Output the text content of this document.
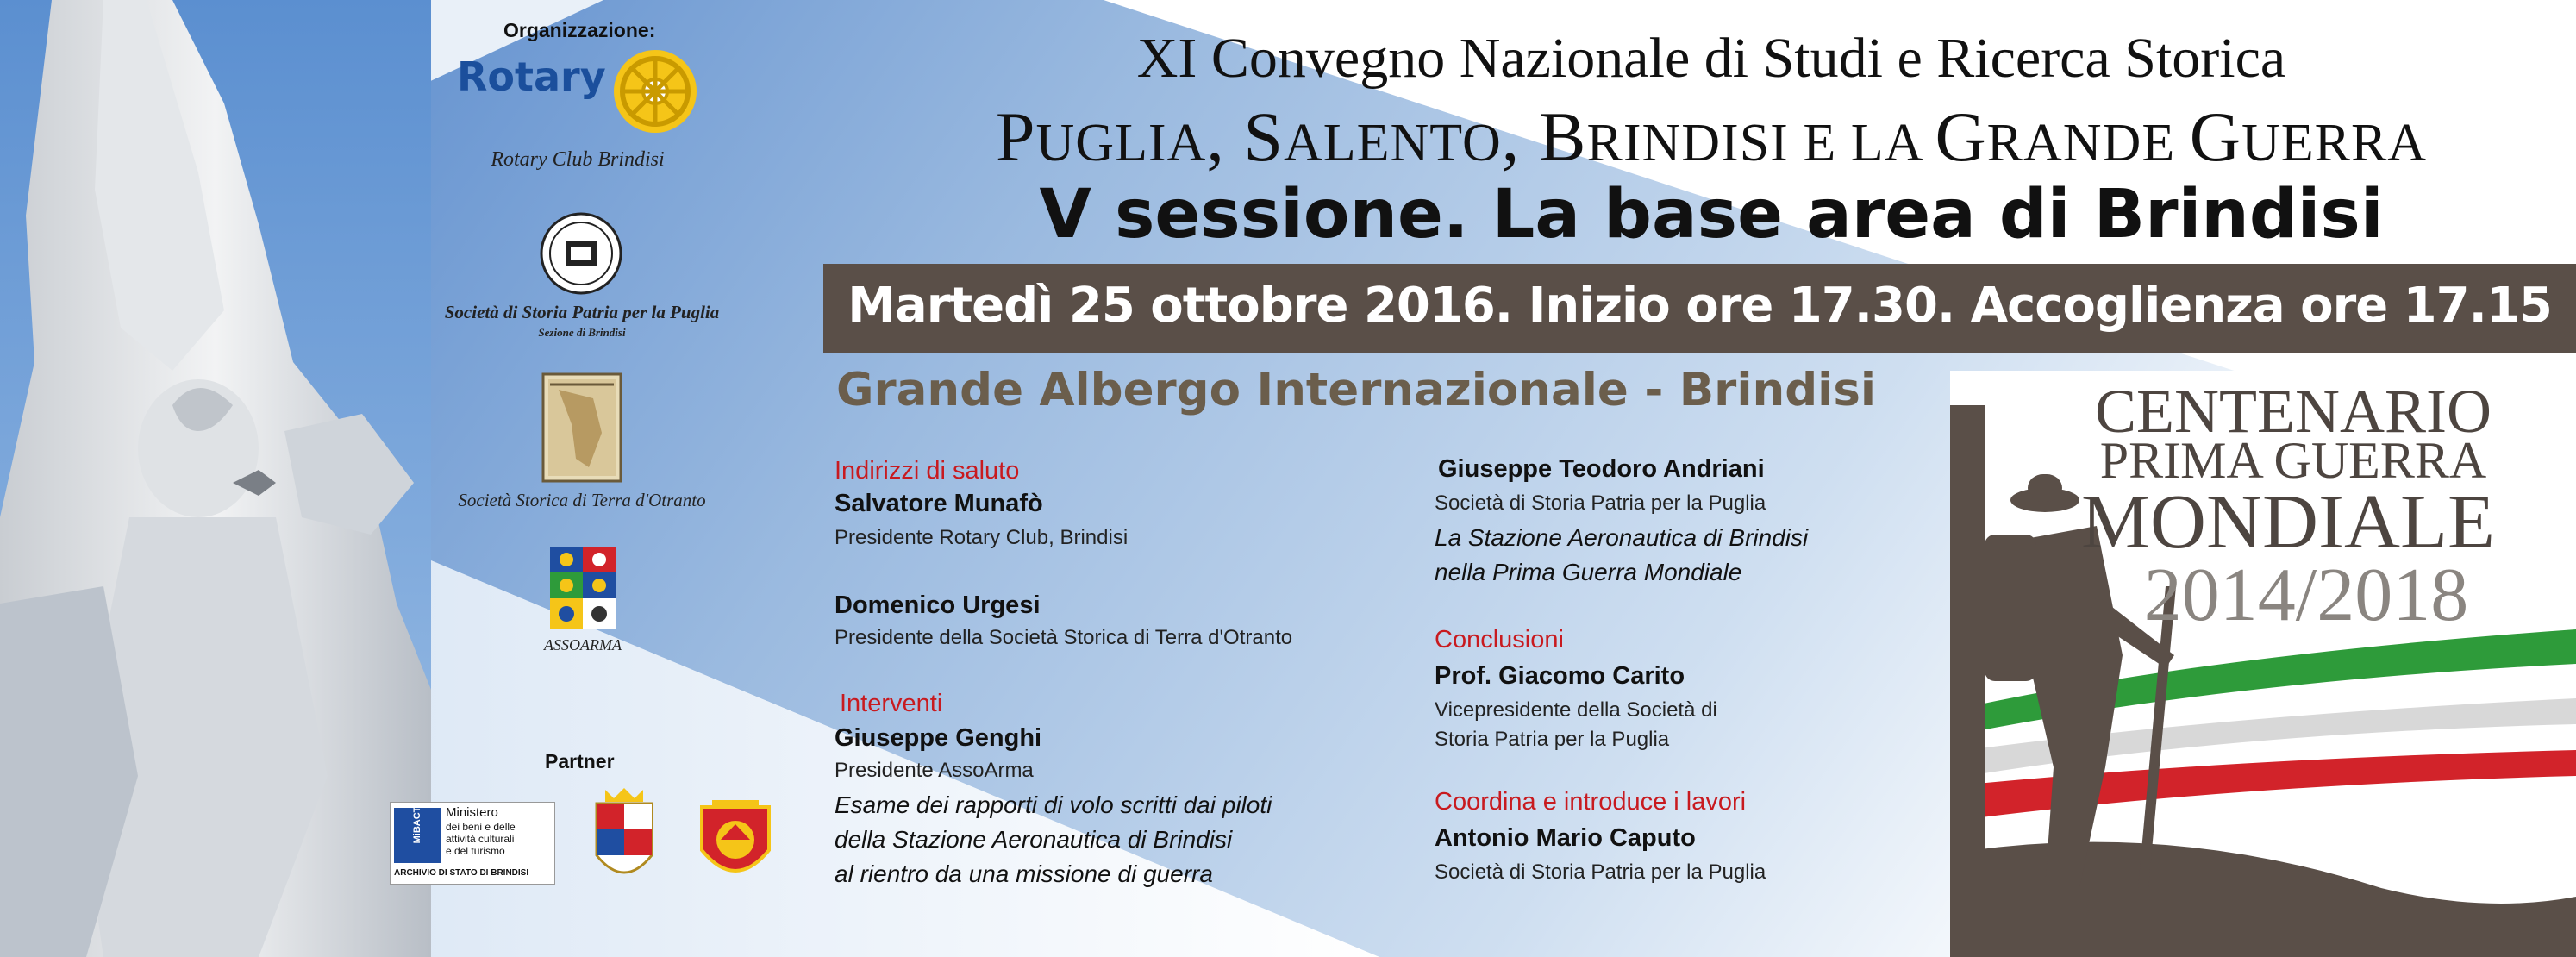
Organizzazione:
Rotary
Rotary Club Brindisi
Società di Storia Patria per la Puglia
Sezione di Brindisi
Società Storica di Terra d'Otranto
ASSOARMA
Partner
MiBACT Ministero
dei beni e delle
attività culturali
e del turismo
ARCHIVIO DI STATO DI BRINDISI
XI Convegno Nazionale di Studi e Ricerca Storica
PUGLIA, SALENTO, BRINDISI E LA GRANDE GUERRA
V sessione. La base area di Brindisi
Martedì 25 ottobre 2016. Inizio ore 17.30. Accoglienza ore 17.15
Grande Albergo Internazionale - Brindisi
Indirizzi di saluto
Salvatore Munafò
Presidente Rotary Club, Brindisi
Domenico Urgesi
Presidente della Società Storica di Terra d'Otranto
Interventi
Giuseppe Genghi
Presidente AssoArma
Esame dei rapporti di volo scritti dai piloti
della Stazione Aeronautica di Brindisi
al rientro da una missione di guerra
Giuseppe Teodoro Andriani
Società di Storia Patria per la Puglia
La Stazione Aeronautica di Brindisi
nella Prima Guerra Mondiale
Conclusioni
Prof. Giacomo Carito
Vicepresidente della Società di
Storia Patria per la Puglia
Coordina e introduce i lavori
Antonio Mario Caputo
Società di Storia Patria per la Puglia
CENTENARIO
PRIMA GUERRA
MONDIALE
2014/2018
